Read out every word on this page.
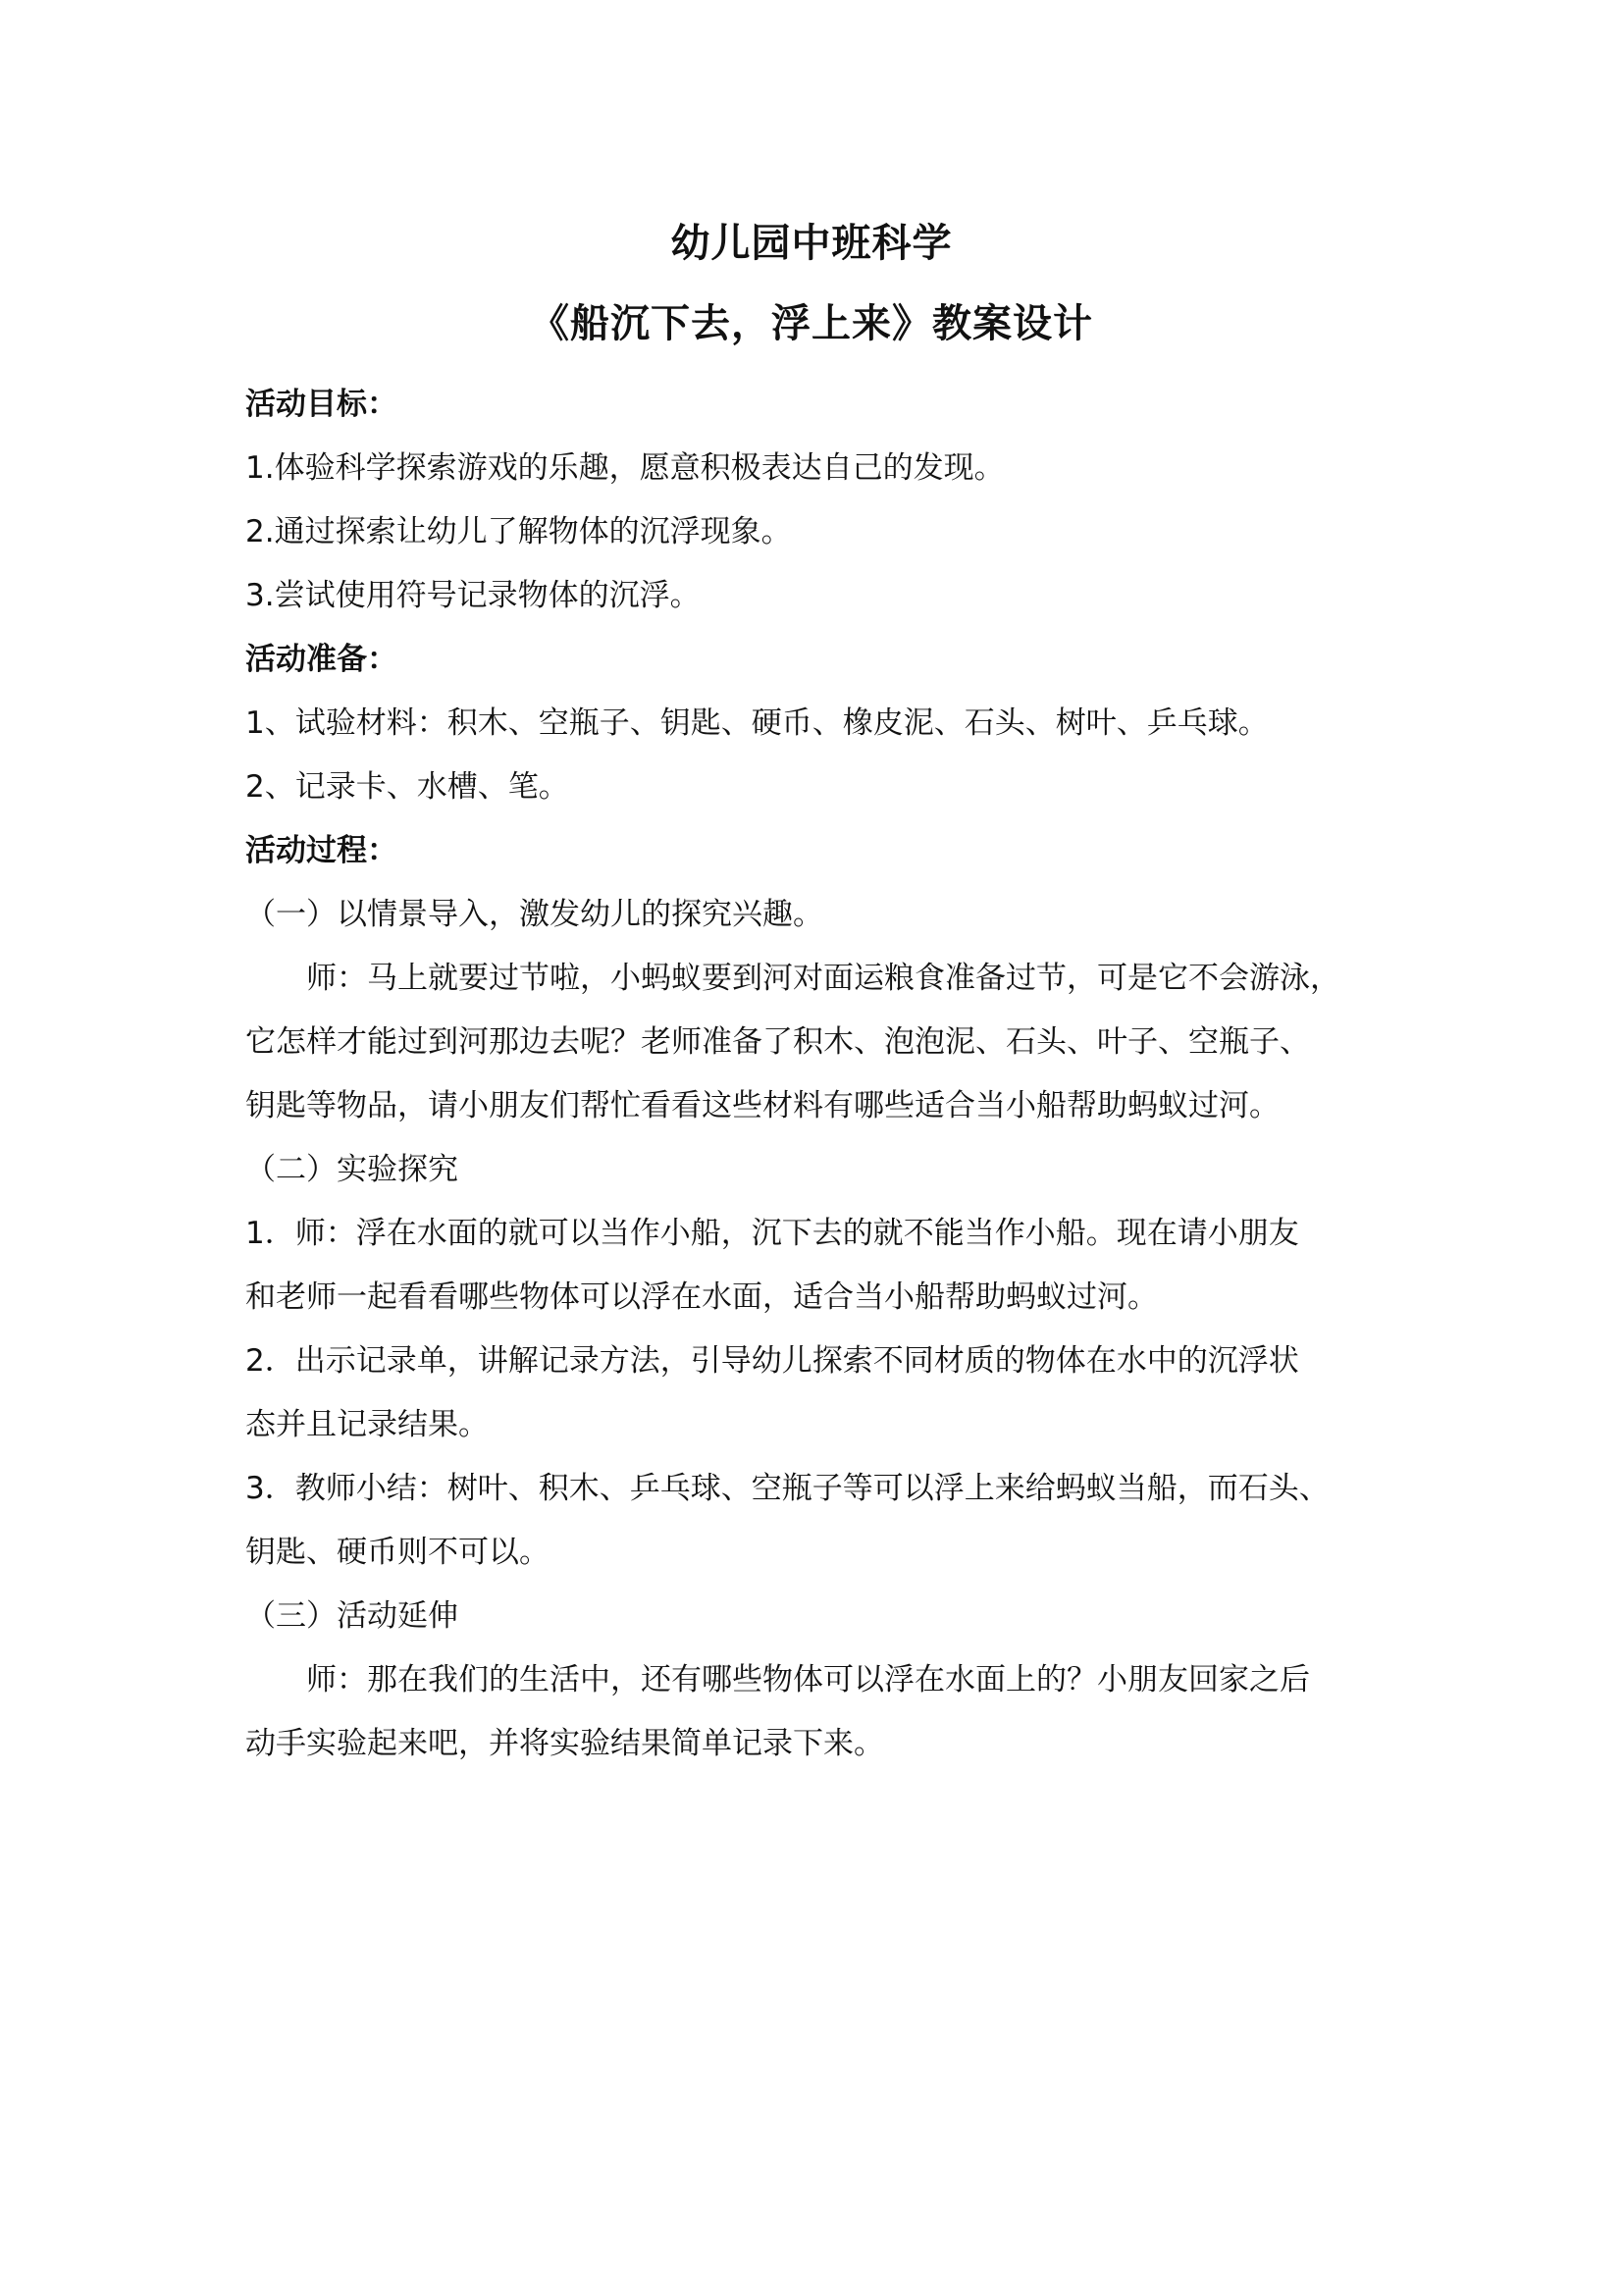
幼儿园中班科学
《船沉下去，浮上来》教案设计
活动目标：
1.体验科学探索游戏的乐趣，愿意积极表达自己的发现。
2.通过探索让幼儿了解物体的沉浮现象。
3.尝试使用符号记录物体的沉浮。
活动准备：
1、试验材料：积木、空瓶子、钥匙、硬币、橡皮泥、石头、树叶、乒乓球。
2、记录卡、水槽、笔。
活动过程：
（一）以情景导入，激发幼儿的探究兴趣。
　　师：马上就要过节啦，小蚂蚁要到河对面运粮食准备过节，可是它不会游泳，
它怎样才能过到河那边去呢？老师准备了积木、泡泡泥、石头、叶子、空瓶子、
钥匙等物品，请小朋友们帮忙看看这些材料有哪些适合当小船帮助蚂蚁过河。
（二）实验探究
1．师：浮在水面的就可以当作小船，沉下去的就不能当作小船。现在请小朋友
和老师一起看看哪些物体可以浮在水面，适合当小船帮助蚂蚁过河。
2．出示记录单，讲解记录方法，引导幼儿探索不同材质的物体在水中的沉浮状
态并且记录结果。
3．教师小结：树叶、积木、乒乓球、空瓶子等可以浮上来给蚂蚁当船，而石头、
钥匙、硬币则不可以。
（三）活动延伸
　　师：那在我们的生活中，还有哪些物体可以浮在水面上的？小朋友回家之后
动手实验起来吧，并将实验结果简单记录下来。
